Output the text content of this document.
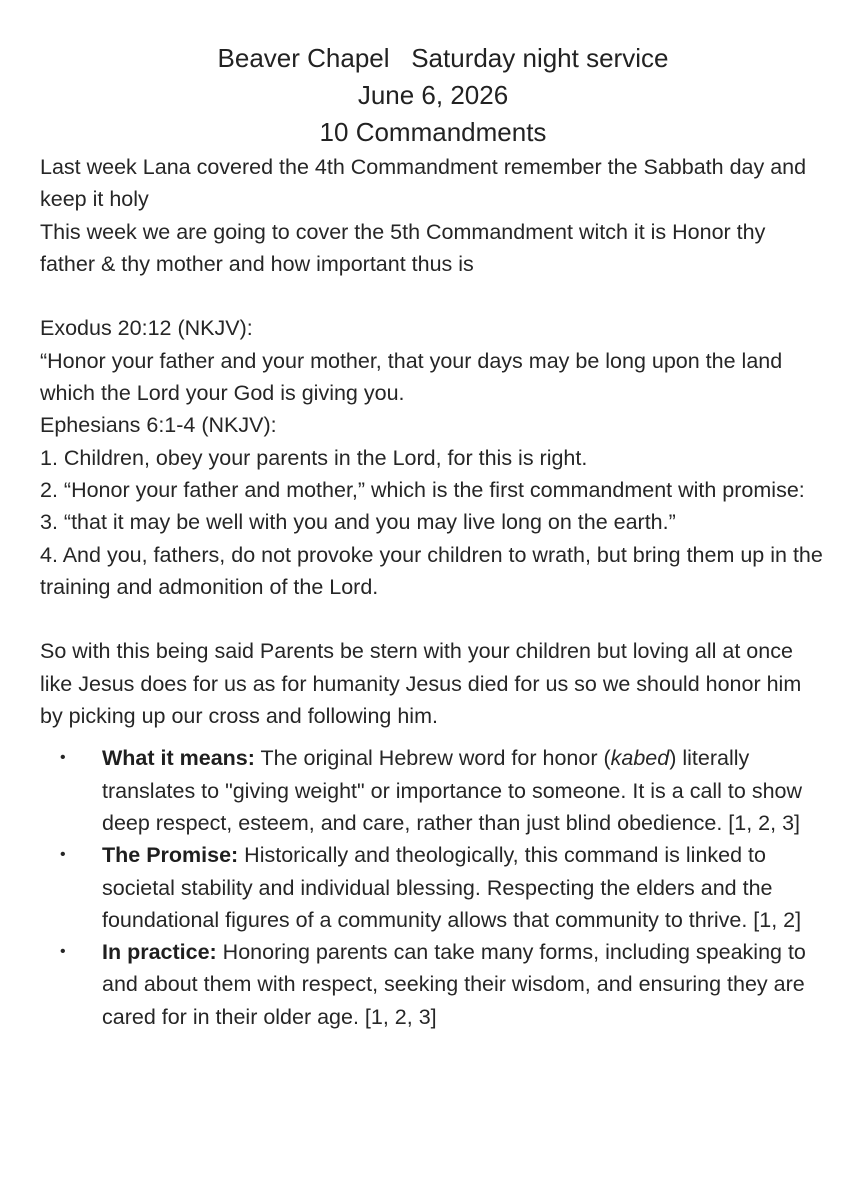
Beaver Chapel Saturday night service
June 6, 2026
10 Commandments

Last week Lana covered the 4th Commandment remember the Sabbath day and keep it holy

This week we are going to cover the 5th Commandment witch it is Honor thy father & thy mother and how important thus is

Exodus 20:12 (NKJV):

“Honor your father and your mother, that your days may be long upon the land which the Lord your God is giving you.

Ephesians 6:1-4 (NKJV):

1. Children, obey your parents in the Lord, for this is right.

2. “Honor your father and mother,” which is the first commandment with promise:

3. “that it may be well with you and you may live long on the earth.”

4. And you, fathers, do not provoke your children to wrath, but bring them up in the training and admonition of the Lord.

So with this being said Parents be stern with your children but loving all at once like Jesus does for us as for humanity Jesus died for us so we should honor him by picking up our cross and following him.

• What it means: The original Hebrew word for honor (kabed) literally translates to "giving weight" or importance to someone. It is a call to show deep respect, esteem, and care, rather than just blind obedience. [1, 2, 3]
• The Promise: Historically and theologically, this command is linked to societal stability and individual blessing. Respecting the elders and the foundational figures of a community allows that community to thrive. [1, 2]
• In practice: Honoring parents can take many forms, including speaking to and about them with respect, seeking their wisdom, and ensuring they are cared for in their older age. [1, 2, 3]
